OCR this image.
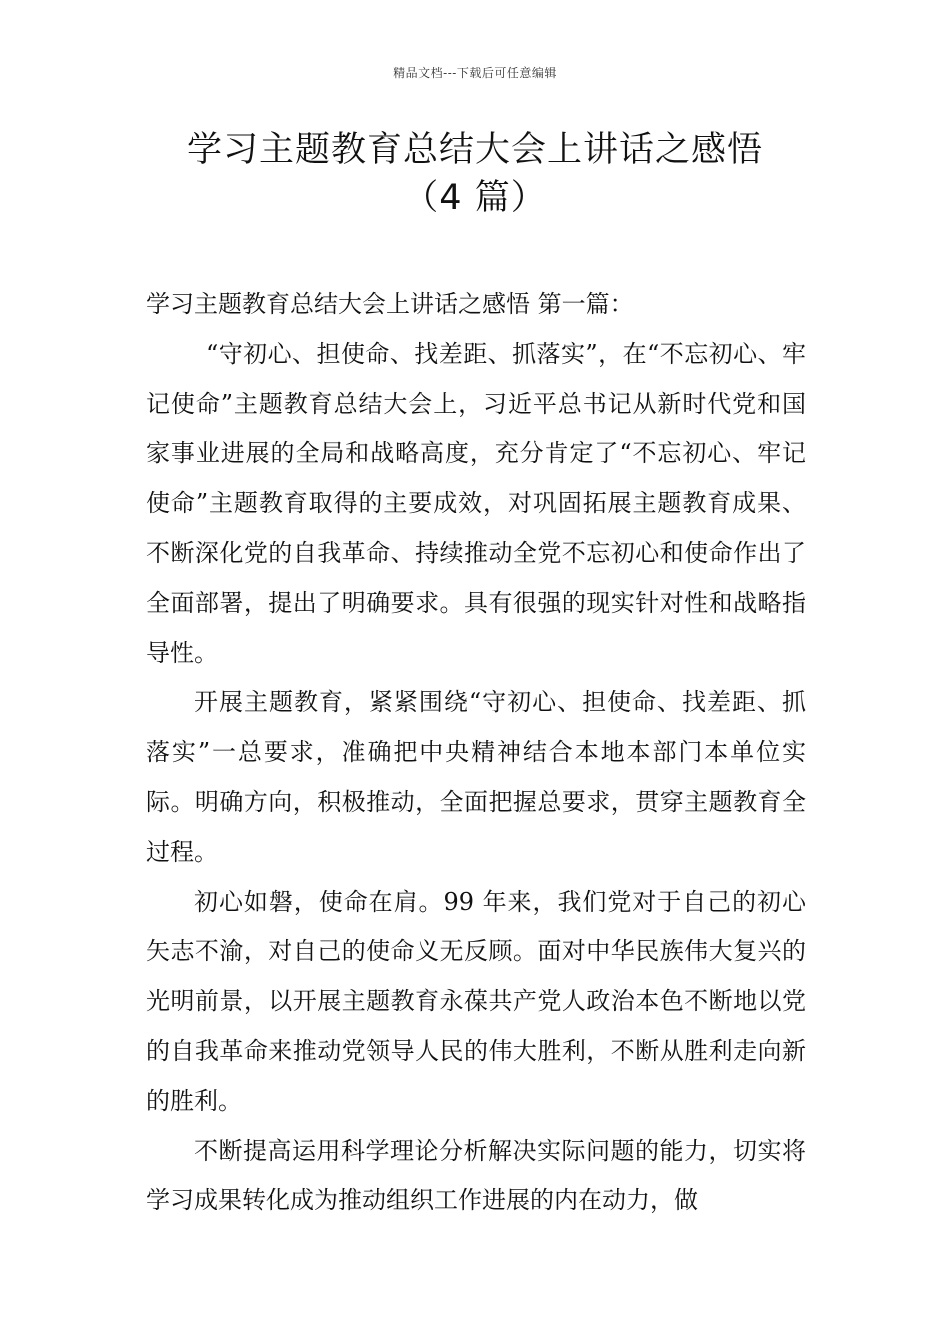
精品文档---下载后可任意编辑
学习主题教育总结大会上讲话之感悟
（4 篇）

学习主题教育总结大会上讲话之感悟 第一篇：

“守初心、担使命、找差距、抓落实”，在“不忘初心、牢记使命”主题教育总结大会上，习近平总书记从新时代党和国家事业进展的全局和战略高度，充分肯定了“不忘初心、牢记使命”主题教育取得的主要成效，对巩固拓展主题教育成果、不断深化党的自我革命、持续推动全党不忘初心和使命作出了全面部署，提出了明确要求。具有很强的现实针对性和战略指导性。

开展主题教育，紧紧围绕“守初心、担使命、找差距、抓落实”一总要求，准确把中央精神结合本地本部门本单位实际。明确方向，积极推动，全面把握总要求，贯穿主题教育全过程。

初心如磐，使命在肩。99 年来，我们党对于自己的初心矢志不渝，对自己的使命义无反顾。面对中华民族伟大复兴的光明前景，以开展主题教育永葆共产党人政治本色不断地以党的自我革命来推动党领导人民的伟大胜利，不断从胜利走向新的胜利。

不断提高运用科学理论分析解决实际问题的能力，切实将学习成果转化成为推动组织工作进展的内在动力，做
